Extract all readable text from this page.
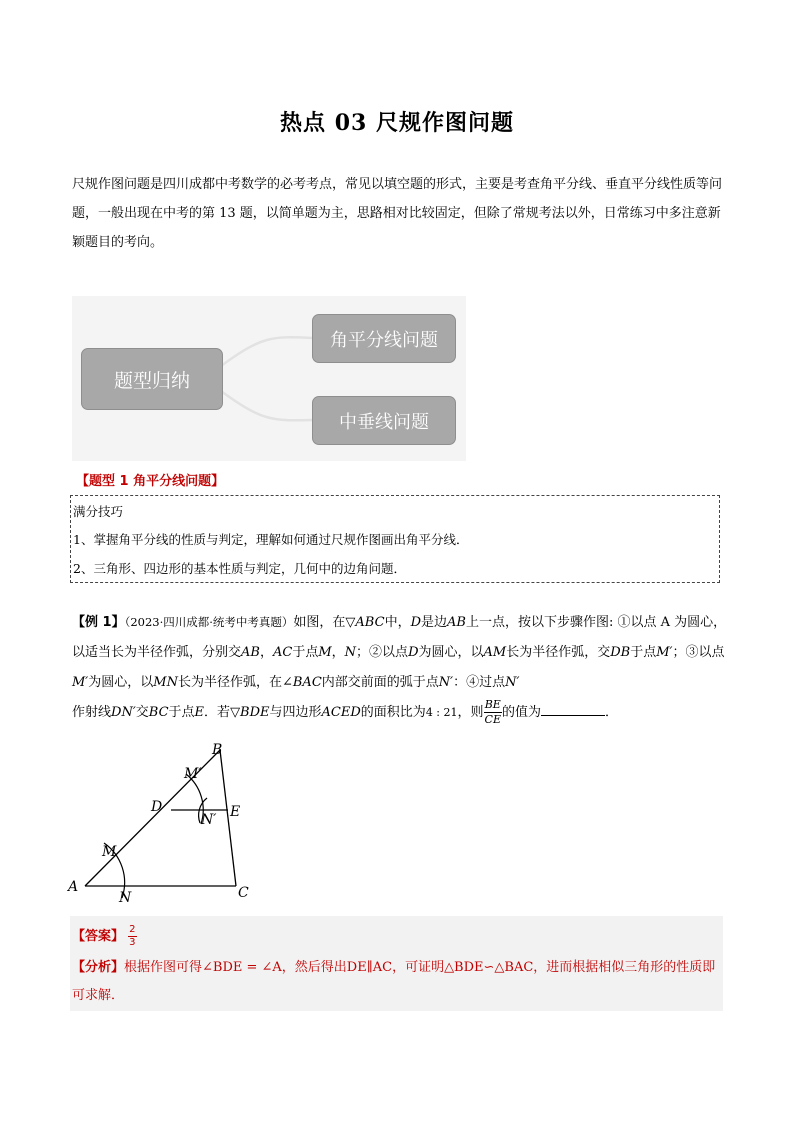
热点 03 尺规作图问题
尺规作图问题是四川成都中考数学的必考考点，常见以填空题的形式，主要是考查角平分线、垂直平分线性质等问题，一般出现在中考的第 13 题，以简单题为主，思路相对比较固定，但除了常规考法以外，日常练习中多注意新颖题目的考向。
题型归纳
角平分线问题
中垂线问题
【题型 1 角平分线问题】
满分技巧
1、掌握角平分线的性质与判定，理解如何通过尺规作图画出角平分线．
2、三角形、四边形的基本性质与判定，几何中的边角问题．
【例 1】（2023·四川成都·统考中考真题）如图，在▽ABC中，D是边AB上一点，按以下步骤作图: ①以点 A 为圆心，以适当长为半径作弧，分别交AB，AC于点M，N；②以点D为圆心，以AM长为半径作弧，交DB于点M′；③以点M′为圆心，以MN长为半径作弧，在∠BAC内部交前面的弧于点N′：④过点N′
作射线DN′交BC于点E．若▽BDE与四边形ACED的面积比为4 : 21，则 $\frac{BE}{CE}$ 的值为	．
B
A	C
D	E
M
N
M′
N′
【答案】 $\frac{2}{3}$
【分析】根据作图可得∠BDE = ∠A，然后得出DE∥AC，可证明△BDE∽△BAC，进而根据相似三角形的性质即可求解．
